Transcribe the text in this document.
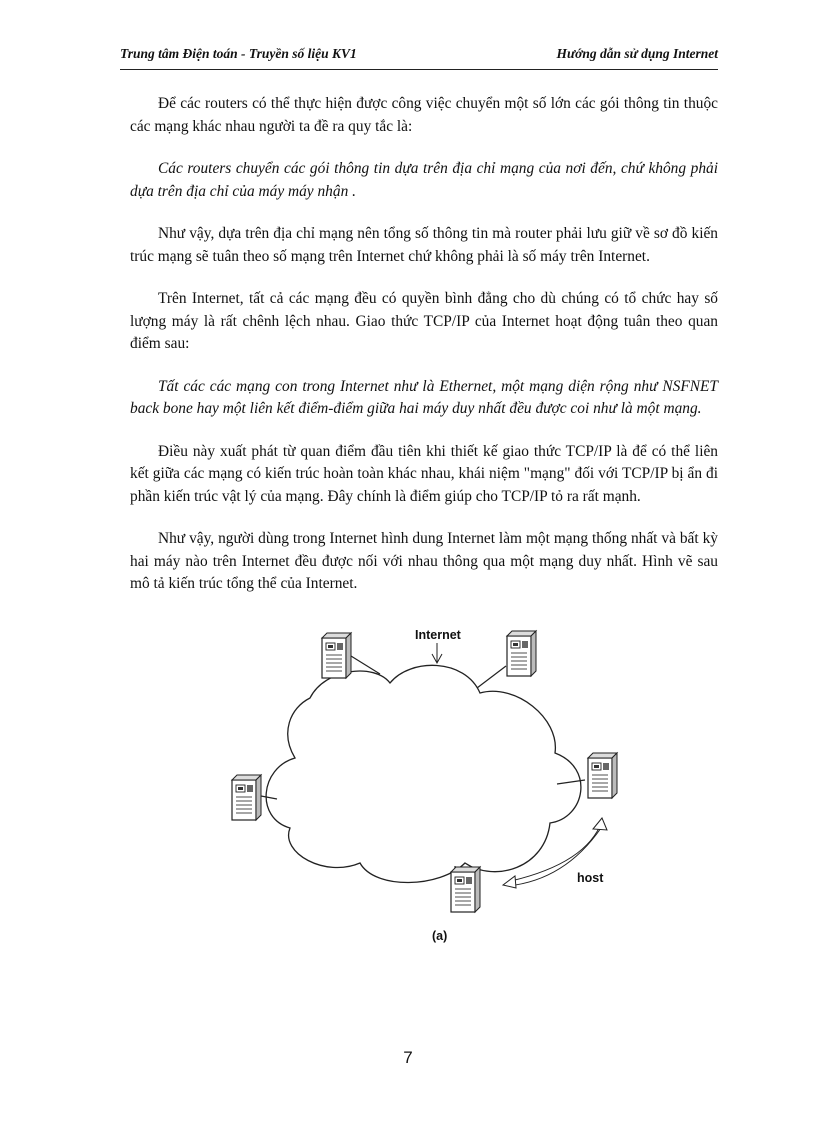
Trung tâm Điện toán - Truyền số liệu KV1	Hướng dẫn sử dụng Internet

Để các routers có thể thực hiện được công việc chuyển một số lớn các gói thông tin thuộc các mạng khác nhau người ta đề ra quy tắc là:

Các routers chuyển các gói thông tin dựa trên địa chỉ mạng của nơi đến, chứ không phải dựa trên địa chỉ của máy máy nhận .

Như vậy, dựa trên địa chỉ mạng nên tổng số thông tin mà router phải lưu giữ về sơ đồ kiến trúc mạng sẽ tuân theo số mạng trên Internet chứ không phải là số máy trên Internet.

Trên Internet, tất cả các mạng đều có quyền bình đẳng cho dù chúng có tổ chức hay số lượng máy là rất chênh lệch nhau. Giao thức TCP/IP của Internet hoạt động tuân theo quan điểm sau:

Tất các các mạng con trong Internet như là Ethernet, một mạng diện rộng như NSFNET back bone hay một liên kết điểm-điểm giữa hai máy duy nhất đều được coi như là một mạng.

Điều này xuất phát từ quan điểm đầu tiên khi thiết kế giao thức TCP/IP là để có thể liên kết giữa các mạng có kiến trúc hoàn toàn khác nhau, khái niệm "mạng" đối với TCP/IP bị ẩn đi phần kiến trúc vật lý của mạng. Đây chính là điểm giúp cho TCP/IP tỏ ra rất mạnh.

Như vậy, người dùng trong Internet hình dung Internet làm một mạng thống nhất và bất kỳ hai máy nào trên Internet đều được nối với nhau thông qua một mạng duy nhất. Hình vẽ sau mô tả kiến trúc tổng thể của Internet.

Internet
host
(a)
7
